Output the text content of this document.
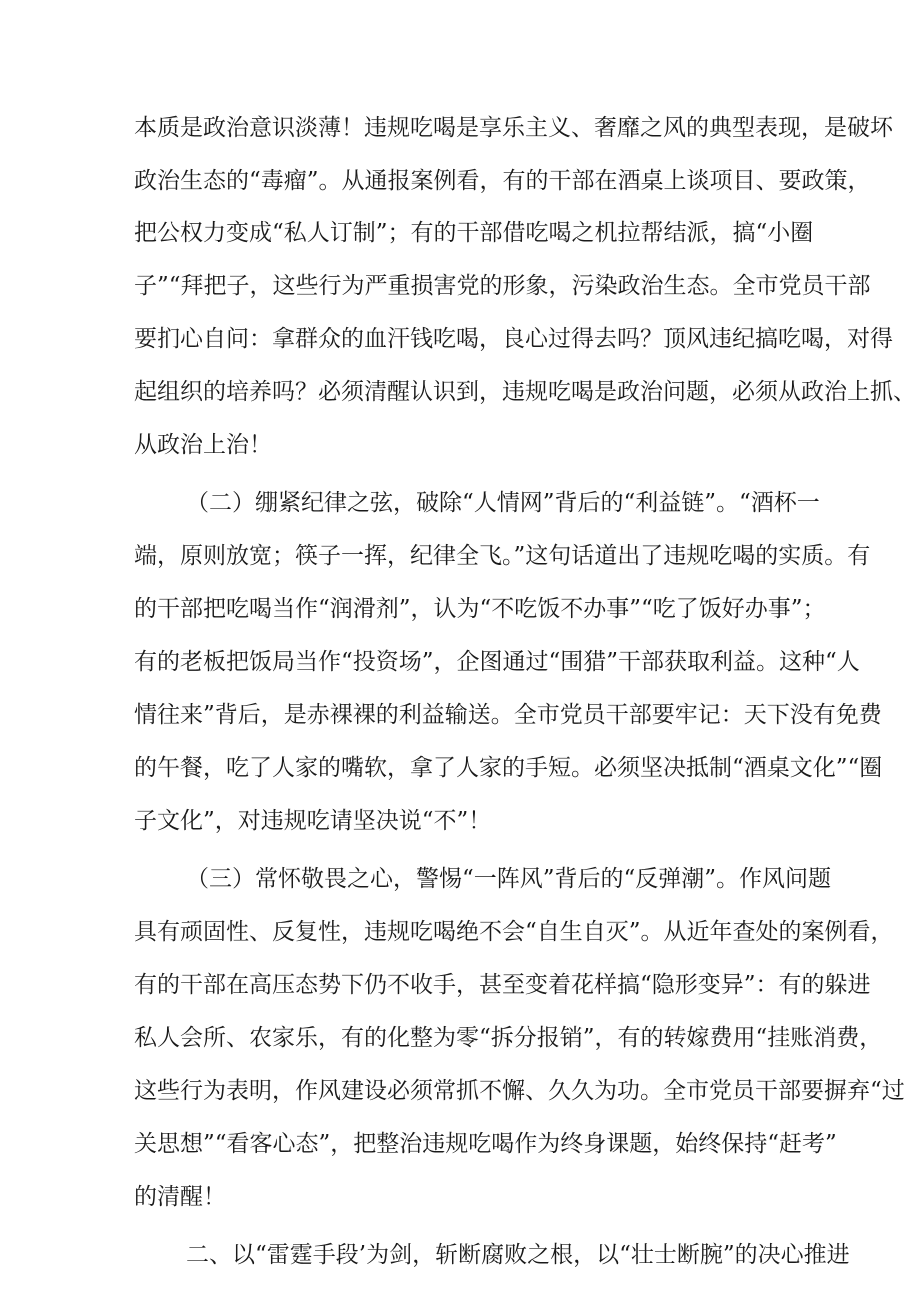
本质是政治意识淡薄！违规吃喝是享乐主义、奢靡之风的典型表现，是破坏
政治生态的“毒瘤”。从通报案例看，有的干部在酒桌上谈项目、要政策，
把公权力变成“私人订制”；有的干部借吃喝之机拉帮结派，搞“小圈
子”“拜把子，这些行为严重损害党的形象，污染政治生态。全市党员干部
要扪心自问：拿群众的血汗钱吃喝，良心过得去吗？顶风违纪搞吃喝，对得
起组织的培养吗？必须清醒认识到，违规吃喝是政治问题，必须从政治上抓、
从政治上治！
（二）绷紧纪律之弦，破除“人情网”背后的“利益链”。“酒杯一
端，原则放宽；筷子一挥，纪律全飞。”这句话道出了违规吃喝的实质。有
的干部把吃喝当作“润滑剂”，认为“不吃饭不办事”“吃了饭好办事”；
有的老板把饭局当作“投资场”，企图通过“围猎”干部获取利益。这种“人
情往来”背后，是赤裸裸的利益输送。全市党员干部要牢记：天下没有免费
的午餐，吃了人家的嘴软，拿了人家的手短。必须坚决抵制“酒桌文化”“圈
子文化”，对违规吃请坚决说“不”！
（三）常怀敬畏之心，警惕“一阵风”背后的“反弹潮”。作风问题
具有顽固性、反复性，违规吃喝绝不会“自生自灭”。从近年查处的案例看，
有的干部在高压态势下仍不收手，甚至变着花样搞“隐形变异”：有的躲进
私人会所、农家乐，有的化整为零“拆分报销”，有的转嫁费用“挂账消费，
这些行为表明，作风建设必须常抓不懈、久久为功。全市党员干部要摒弃“过
关思想”“看客心态”，把整治违规吃喝作为终身课题，始终保持“赶考”
的清醒！
二、以“雷霆手段’为剑，斩断腐败之根，以“壮士断腕”的决心推进
